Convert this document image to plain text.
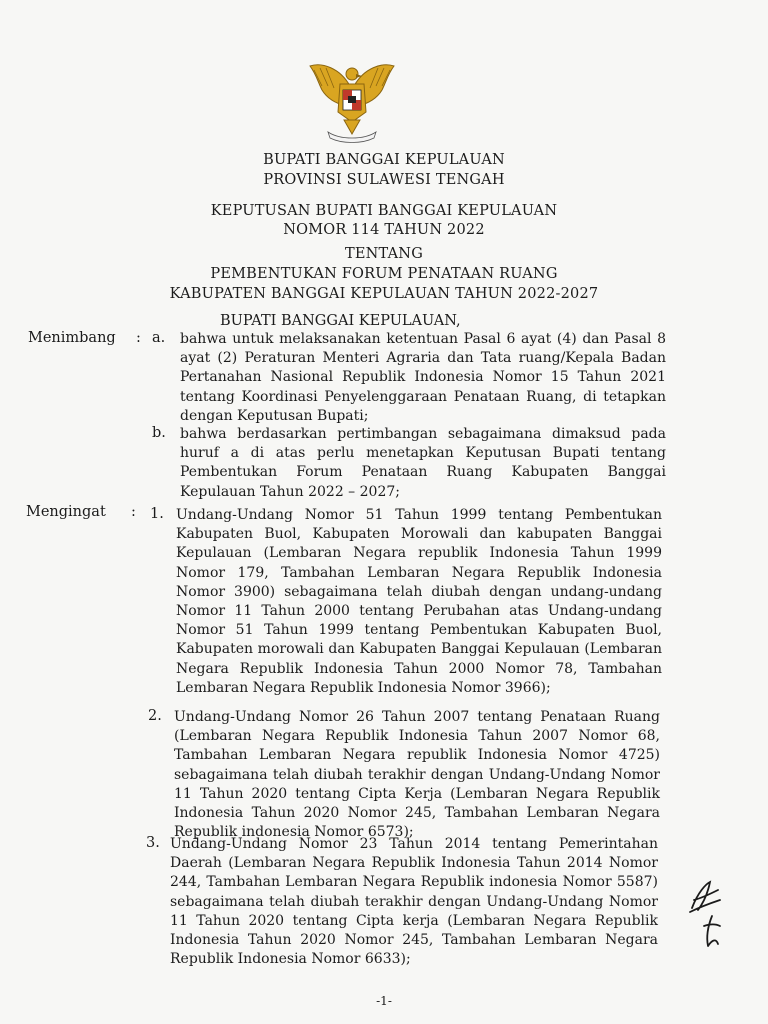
BUPATI BANGGAI KEPULAUAN
PROVINSI SULAWESI TENGAH
KEPUTUSAN BUPATI BANGGAI KEPULAUAN
NOMOR 114 TAHUN 2022
TENTANG
PEMBENTUKAN FORUM PENATAAN RUANG
KABUPATEN BANGGAI KEPULAUAN TAHUN 2022-2027
BUPATI BANGGAI KEPULAUAN,
Menimbang : a. bahwa untuk melaksanakan ketentuan Pasal 6 ayat (4) dan Pasal 8 ayat (2) Peraturan Menteri Agraria dan Tata ruang/Kepala Badan Pertanahan Nasional Republik Indonesia Nomor 15 Tahun 2021 tentang Koordinasi Penyelenggaraan Penataan Ruang, di tetapkan dengan Keputusan Bupati;
b. bahwa berdasarkan pertimbangan sebagaimana dimaksud pada huruf a di atas perlu menetapkan Keputusan Bupati tentang Pembentukan Forum Penataan Ruang Kabupaten Banggai Kepulauan Tahun 2022 – 2027;
Mengingat : 1. Undang-Undang Nomor 51 Tahun 1999 tentang Pembentukan Kabupaten Buol, Kabupaten Morowali dan kabupaten Banggai Kepulauan (Lembaran Negara republik Indonesia Tahun 1999 Nomor 179, Tambahan Lembaran Negara Republik Indonesia Nomor 3900) sebagaimana telah diubah dengan undang-undang Nomor 11 Tahun 2000 tentang Perubahan atas Undang-undang Nomor 51 Tahun 1999 tentang Pembentukan Kabupaten Buol, Kabupaten morowali dan Kabupaten Banggai Kepulauan (Lembaran Negara Republik Indonesia Tahun 2000 Nomor 78, Tambahan Lembaran Negara Republik Indonesia Nomor 3966);
2. Undang-Undang Nomor 26 Tahun 2007 tentang Penataan Ruang (Lembaran Negara Republik Indonesia Tahun 2007 Nomor 68, Tambahan Lembaran Negara republik Indonesia Nomor 4725) sebagaimana telah diubah terakhir dengan Undang-Undang Nomor 11 Tahun 2020 tentang Cipta Kerja (Lembaran Negara Republik Indonesia Tahun 2020 Nomor 245, Tambahan Lembaran Negara Republik indonesia Nomor 6573);
3. Undang-Undang Nomor 23 Tahun 2014 tentang Pemerintahan Daerah (Lembaran Negara Republik Indonesia Tahun 2014 Nomor 244, Tambahan Lembaran Negara Republik indonesia Nomor 5587) sebagaimana telah diubah terakhir dengan Undang-Undang Nomor 11 Tahun 2020 tentang Cipta kerja (Lembaran Negara Republik Indonesia Tahun 2020 Nomor 245, Tambahan Lembaran Negara Republik Indonesia Nomor 6633);
-1-
